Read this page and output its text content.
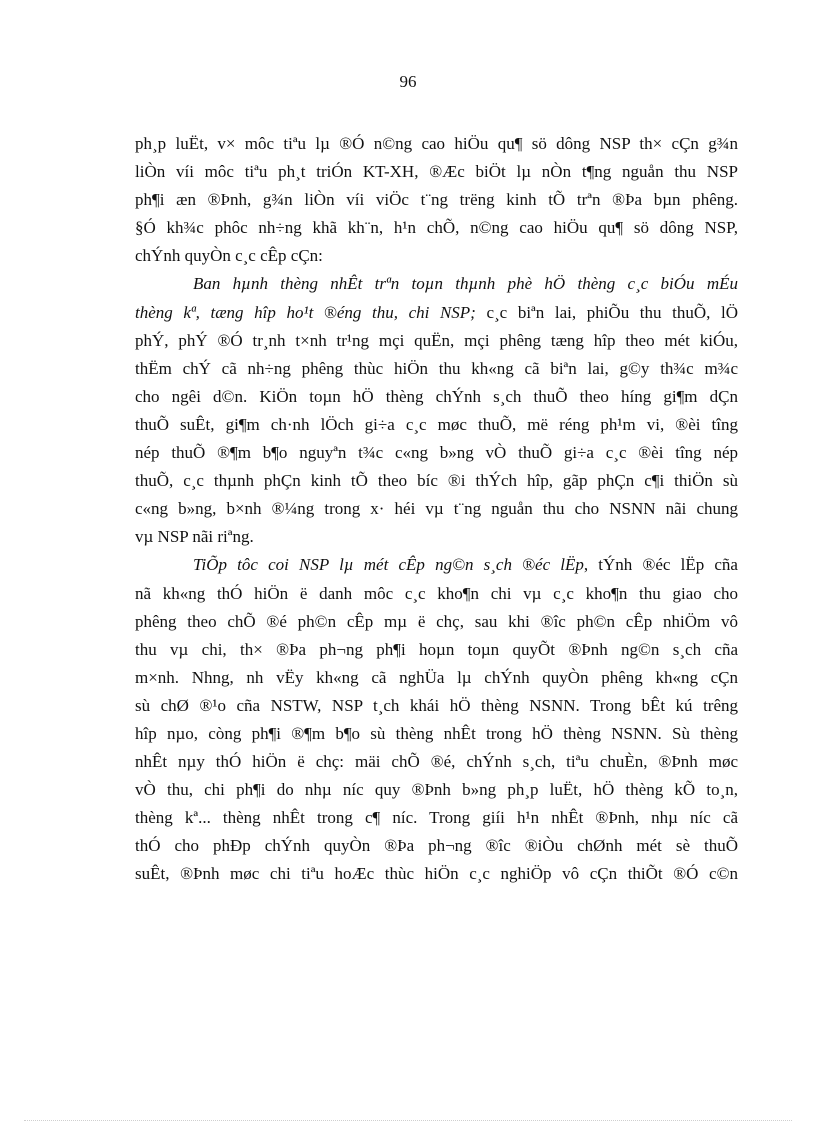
96
ph¸p luËt, v× môc tiªu lµ ®Ó n©ng cao hiÖu qu¶ sö dông NSP th× cÇn g¾n
liÒn víi môc tiªu ph¸t triÓn KT-XH, ®Æc biÖt lµ nÒn t¶ng nguån thu NSP
ph¶i æn ®Þnh, g¾n liÒn víi viÖc t¨ng trëng kinh tÕ trªn ®Þa bµn phêng.
§Ó kh¾c phôc nh÷ng khã kh¨n, h¹n chÕ, n©ng cao hiÖu qu¶ sö dông NSP,
chÝnh quyÒn c¸c cÊp cÇn:
Ban hµnh thèng nhÊt trªn toµn thµnh phè hÖ thèng c¸c biÓu mÉu
thèng kª, tæng hîp ho¹t ®éng thu, chi NSP; c¸c biªn lai, phiÕu thu thuÕ, lÖ
phÝ, phÝ ®Ó tr¸nh t×nh tr¹ng mçi quËn, mçi phêng tæng hîp theo mét kiÓu,
thËm chÝ cã nh÷ng phêng thùc hiÖn thu kh«ng cã biªn lai, g©y th¾c m¾c
cho ngêi d©n. KiÖn toµn hÖ thèng chÝnh s¸ch thuÕ theo híng gi¶m dÇn
thuÕ suÊt, gi¶m ch·nh lÖch gi÷a c¸c møc thuÕ, më réng ph¹m vi, ®èi tîng
nép thuÕ ®¶m b¶o nguyªn t¾c c«ng b»ng vÒ thuÕ gi÷a c¸c ®èi tîng nép
thuÕ, c¸c thµnh phÇn kinh tÕ theo bíc ®i thÝch hîp, gãp phÇn c¶i thiÖn sù
c«ng b»ng, b×nh ®¼ng trong x· héi vµ t¨ng nguån thu cho NSNN nãi chung
vµ NSP nãi riªng.
TiÕp tôc coi NSP lµ mét cÊp ng©n s¸ch ®éc lËp, tÝnh ®éc lËp cña
nã kh«ng thÓ hiÖn ë danh môc c¸c kho¶n chi vµ c¸c kho¶n thu giao cho
phêng theo chÕ ®é ph©n cÊp mµ ë chç, sau khi ®îc ph©n cÊp nhiÖm vô
thu vµ chi, th× ®Þa ph¬ng ph¶i hoµn toµn quyÕt ®Þnh ng©n s¸ch cña
m×nh. Nhng, nh vËy kh«ng cã nghÜa lµ chÝnh quyÒn phêng kh«ng cÇn
sù chØ ®¹o cña NSTW, NSP t¸ch khái hÖ thèng NSNN. Trong bÊt kú trêng
hîp nµo, còng ph¶i ®¶m b¶o sù thèng nhÊt trong hÖ thèng NSNN. Sù thèng
nhÊt nµy thÓ hiÖn ë chç: mäi chÕ ®é, chÝnh s¸ch, tiªu chuÈn, ®Þnh møc
vÒ thu, chi ph¶i do nhµ níc quy ®Þnh b»ng ph¸p luËt, hÖ thèng kÕ to¸n,
thèng kª... thèng nhÊt trong c¶ níc. Trong giíi h¹n nhÊt ®Þnh, nhµ níc cã
thÓ cho phÐp chÝnh quyÒn ®Þa ph¬ng ®îc ®iÒu chØnh mét sè thuÕ
suÊt, ®Þnh møc chi tiªu hoÆc thùc hiÖn c¸c nghiÖp vô cÇn thiÕt ®Ó c©n
